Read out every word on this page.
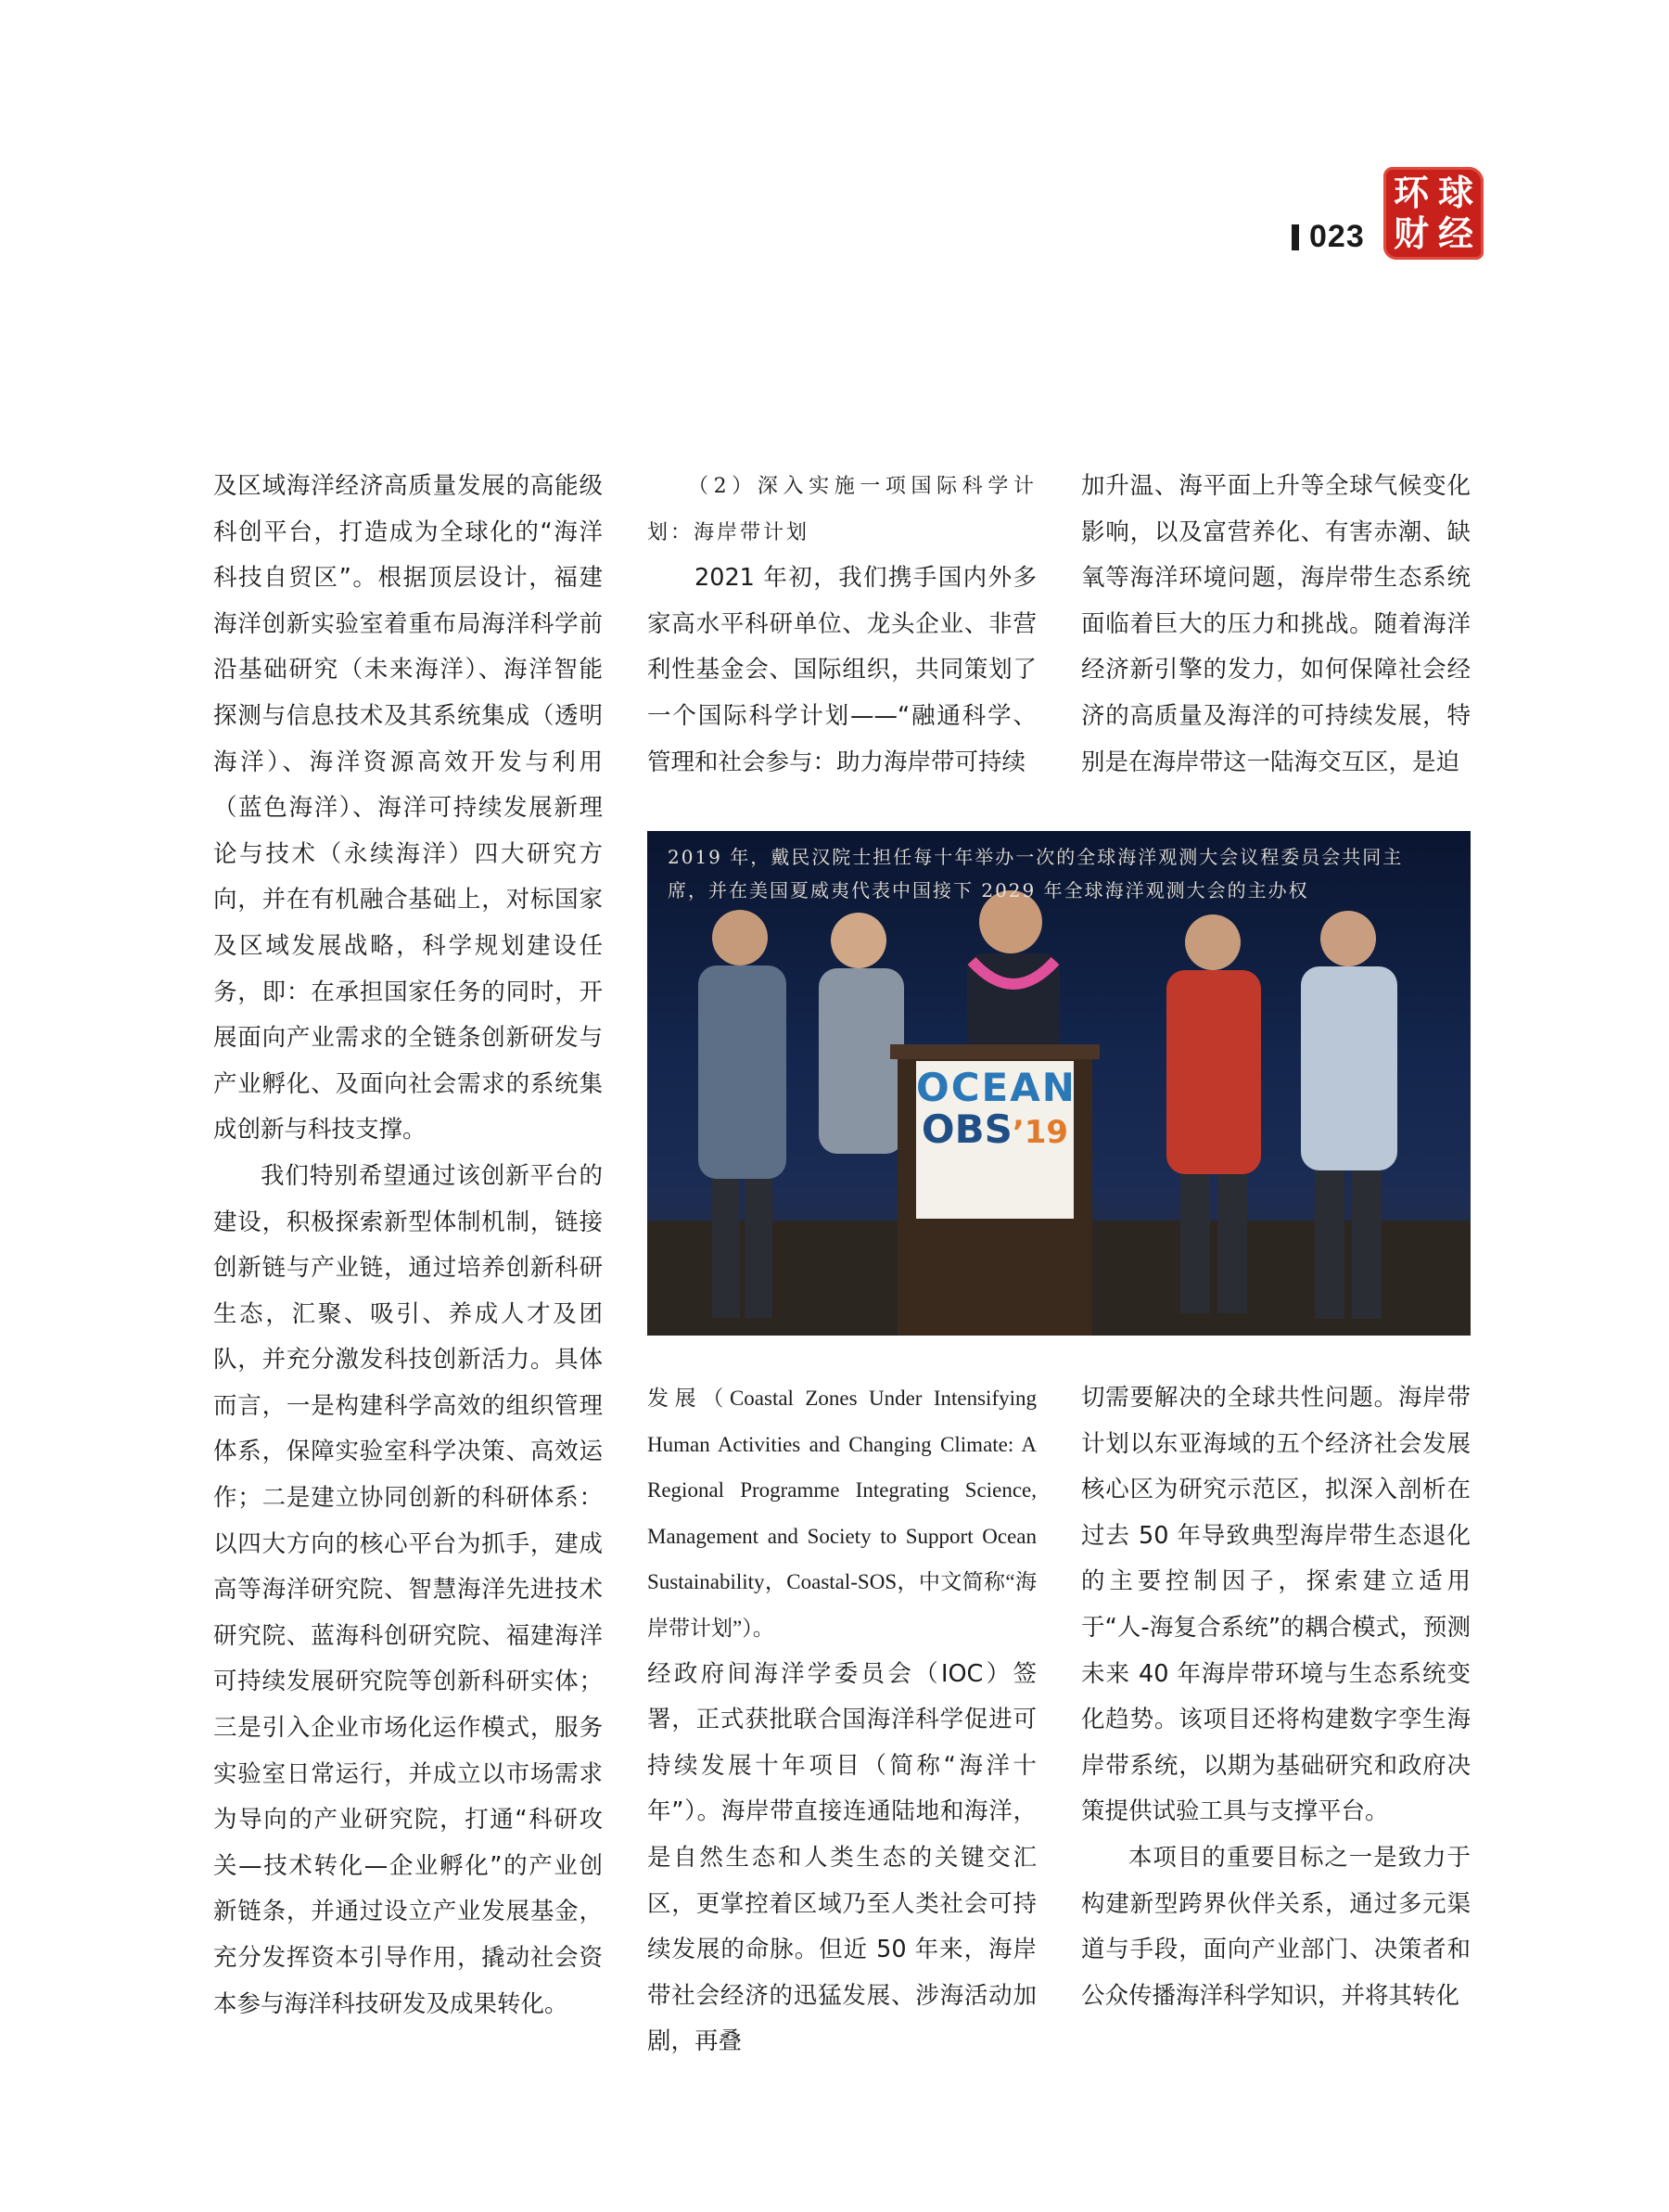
023
环 球
财 经

及区域海洋经济高质量发展的高能级科创平台，打造成为全球化的“海洋科技自贸区”。根据顶层设计，福建海洋创新实验室着重布局海洋科学前沿基础研究（未来海洋）、海洋智能探测与信息技术及其系统集成（透明海洋）、海洋资源高效开发与利用（蓝色海洋）、海洋可持续发展新理论与技术（永续海洋）四大研究方向，并在有机融合基础上，对标国家及区域发展战略，科学规划建设任务，即：在承担国家任务的同时，开展面向产业需求的全链条创新研发与产业孵化、及面向社会需求的系统集成创新与科技支撑。

我们特别希望通过该创新平台的建设，积极探索新型体制机制，链接创新链与产业链，通过培养创新科研生态，汇聚、吸引、养成人才及团队，并充分激发科技创新活力。具体而言，一是构建科学高效的组织管理体系，保障实验室科学决策、高效运作；二是建立协同创新的科研体系：以四大方向的核心平台为抓手，建成高等海洋研究院、智慧海洋先进技术研究院、蓝海科创研究院、福建海洋可持续发展研究院等创新科研实体；三是引入企业市场化运作模式，服务实验室日常运行，并成立以市场需求为导向的产业研究院，打通“科研攻关—技术转化—企业孵化”的产业创新链条，并通过设立产业发展基金，充分发挥资本引导作用，撬动社会资本参与海洋科技研发及成果转化。

（2）深入实施一项国际科学计划：海岸带计划

2021 年初，我们携手国内外多家高水平科研单位、龙头企业、非营利性基金会、国际组织，共同策划了一个国际科学计划——“融通科学、管理和社会参与：助力海岸带可持续

加升温、海平面上升等全球气候变化影响，以及富营养化、有害赤潮、缺氧等海洋环境问题，海岸带生态系统面临着巨大的压力和挑战。随着海洋经济新引擎的发力，如何保障社会经济的高质量及海洋的可持续发展，特别是在海岸带这一陆海交互区，是迫

OCEAN
OBS’19
2019 年，戴民汉院士担任每十年举办一次的全球海洋观测大会议程委员会共同主席，并在美国夏威夷代表中国接下 2029 年全球海洋观测大会的主办权

发展（Coastal Zones Under Intensifying Human Activities and Changing Climate: A Regional Programme Integrating Science, Management and Society to Support Ocean Sustainability，Coastal-SOS，中文简称“海岸带计划”）。

经政府间海洋学委员会（IOC）签署，正式获批联合国海洋科学促进可持续发展十年项目（简称“海洋十年”）。海岸带直接连通陆地和海洋，是自然生态和人类生态的关键交汇区，更掌控着区域乃至人类社会可持续发展的命脉。但近 50 年来，海岸带社会经济的迅猛发展、涉海活动加剧，再叠

切需要解决的全球共性问题。海岸带计划以东亚海域的五个经济社会发展核心区为研究示范区，拟深入剖析在过去 50 年导致典型海岸带生态退化的主要控制因子，探索建立适用于“人-海复合系统”的耦合模式，预测未来 40 年海岸带环境与生态系统变化趋势。该项目还将构建数字孪生海岸带系统，以期为基础研究和政府决策提供试验工具与支撑平台。

本项目的重要目标之一是致力于构建新型跨界伙伴关系，通过多元渠道与手段，面向产业部门、决策者和公众传播海洋科学知识，并将其转化
